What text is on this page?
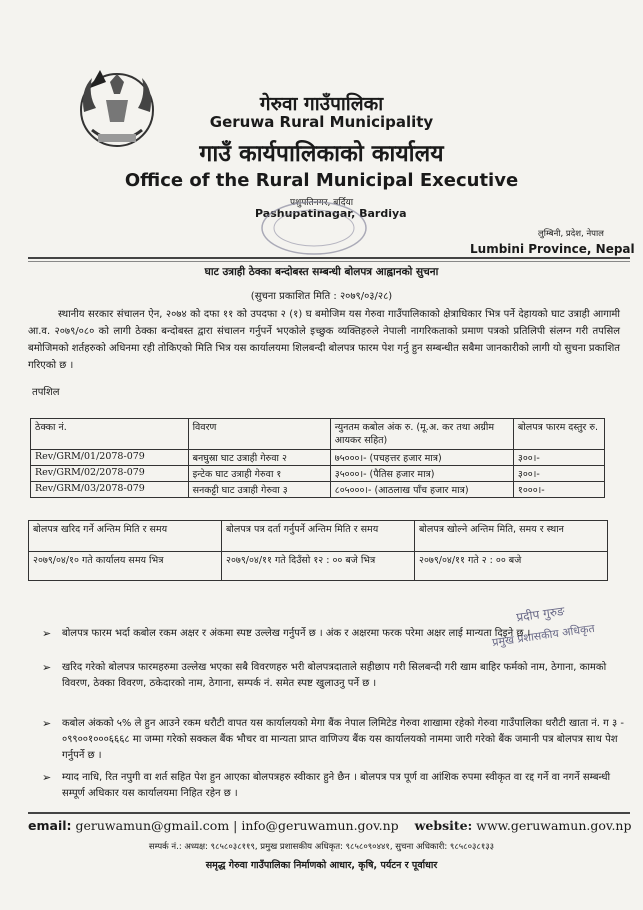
गेरुवा गाउँपालिका
Geruwa Rural Municipality
गाउँ कार्यपालिकाको कार्यालय
Office of the Rural Municipal Executive
पशुपतिनगर, बर्दिया
Pashupatinagar, Bardiya
लुम्बिनी, प्रदेश, नेपाल
Lumbini Province, Nepal
घाट उत्राही ठेक्का बन्दोबस्त सम्बन्धी बोलपत्र आह्वानको सुचना
(सुचना प्रकाशित मिति : २०७९/०३/२८)
स्थानीय सरकार संचालन ऐन, २०७४ को दफा ११ को उपदफा २ (१) घ बमोजिम यस गेरुवा गाउँपालिकाको क्षेत्राधिकार भित्र पर्ने देहायको घाट उत्राही आगामी आ.व. २०७९/०८० को लागी ठेक्का बन्दोबस्त द्वारा संचालन गर्नुपर्ने भएकोले इच्छुक व्यक्तिहरुले नेपाली नागरिकताको प्रमाण पत्रको प्रतिलिपी संलग्न गरी तपसिल बमोजिमको शर्तहरुको अधिनमा रही तोकिएको मिति भित्र यस कार्यालयमा शिलबन्दी बोलपत्र फारम पेश गर्नु हुन सम्बन्धीत सबैमा जानकारीको लागी यो सुचना प्रकाशित गरिएको छ ।
तपशिल
ठेक्का नं.	विवरण	न्युनतम कबोल अंक रु. (मू.अ. कर तथा अग्रीम आयकर सहित)	बोलपत्र फारम दस्तुर रु.
Rev/GRM/01/2078-079	बनघुस्रा घाट उत्राही गेरुवा २	७५०००।- (पचहत्तर हजार मात्र)	३००।-
Rev/GRM/02/2078-079	इन्टेक घाट उत्राही गेरुवा १	३५०००।- (पैतिस हजार मात्र)	३००।-
Rev/GRM/03/2078-079	सनकट्टी घाट उत्राही गेरुवा ३	८०५०००।- (आठलाख पाँच हजार मात्र)	१०००।-
बोलपत्र खरिद गर्ने अन्तिम मिति र समय	बोलपत्र पत्र दर्ता गर्नुपर्ने अन्तिम मिति र समय	बोलपत्र खोल्ने अन्तिम मिति, समय र स्थान
२०७९/०४/१० गते कार्यालय समय भित्र	२०७९/०४/११ गते दिउँसो १२ : ०० बजे भित्र	२०७९/०४/११ गते २ : ०० बजे
प्रदीप गुरुङ
प्रमुख प्रशासकीय अधिकृत
➢ बोलपत्र फारम भर्दा कबोल रकम अक्षर र अंकमा स्पष्ट उल्लेख गर्नुपर्ने छ । अंक र अक्षरमा फरक परेमा अक्षर लाई मान्यता दिइने छ ।
➢ खरिद गरेको बोलपत्र फारमहरुमा उल्लेख भएका सबै विवरणहरु भरी बोलपत्रदाताले सहीछाप गरी सिलबन्दी गरी खाम बाहिर फर्मको नाम, ठेगाना, कामको विवरण, ठेक्का विवरण, ठकेदारको नाम, ठेगाना, सम्पर्क नं. समेत स्पष्ट खुलाउनु पर्ने छ ।
➢ कबोल अंकको ५% ले हुन आउने रकम धरौटी वापत यस कार्यालयको मेगा बैंक नेपाल लिमिटेड गेरुवा शाखामा रहेको गेरुवा गाउँपालिका धरौटी खाता नं. ग ३ - ०९९००१०००६६६८ मा जम्मा गरेको सक्कल बैंक भौचर वा मान्यता प्राप्त वाणिज्य बैंक यस कार्यालयको नाममा जारी गरेको बैंक जमानी पत्र बोलपत्र साथ पेश गर्नुपर्ने छ ।
➢ म्याद नाधि, रित नपुगी वा शर्त सहित पेश हुन आएका बोलपत्रहरु स्वीकार हुने छैन । बोलपत्र पत्र पूर्ण वा आंशिक रुपमा स्वीकृत वा रद्द गर्ने वा नगर्ने सम्बन्धी सम्पूर्ण अधिकार यस कार्यालयमा निहित रहेन छ ।
email: geruwamun@gmail.com | info@geruwamun.gov.np website: www.geruwamun.gov.np
सम्पर्क नं.: अध्यक्ष: ९८५८०३८११९, प्रमुख प्रशासकीय अधिकृत: ९८५८०९०४४१, सुचना अधिकारी: ९८५८०३८१३३
समृद्ध गेरुवा गाउँपालिका निर्माणको आधार, कृषि, पर्यटन र पूर्वाधार
